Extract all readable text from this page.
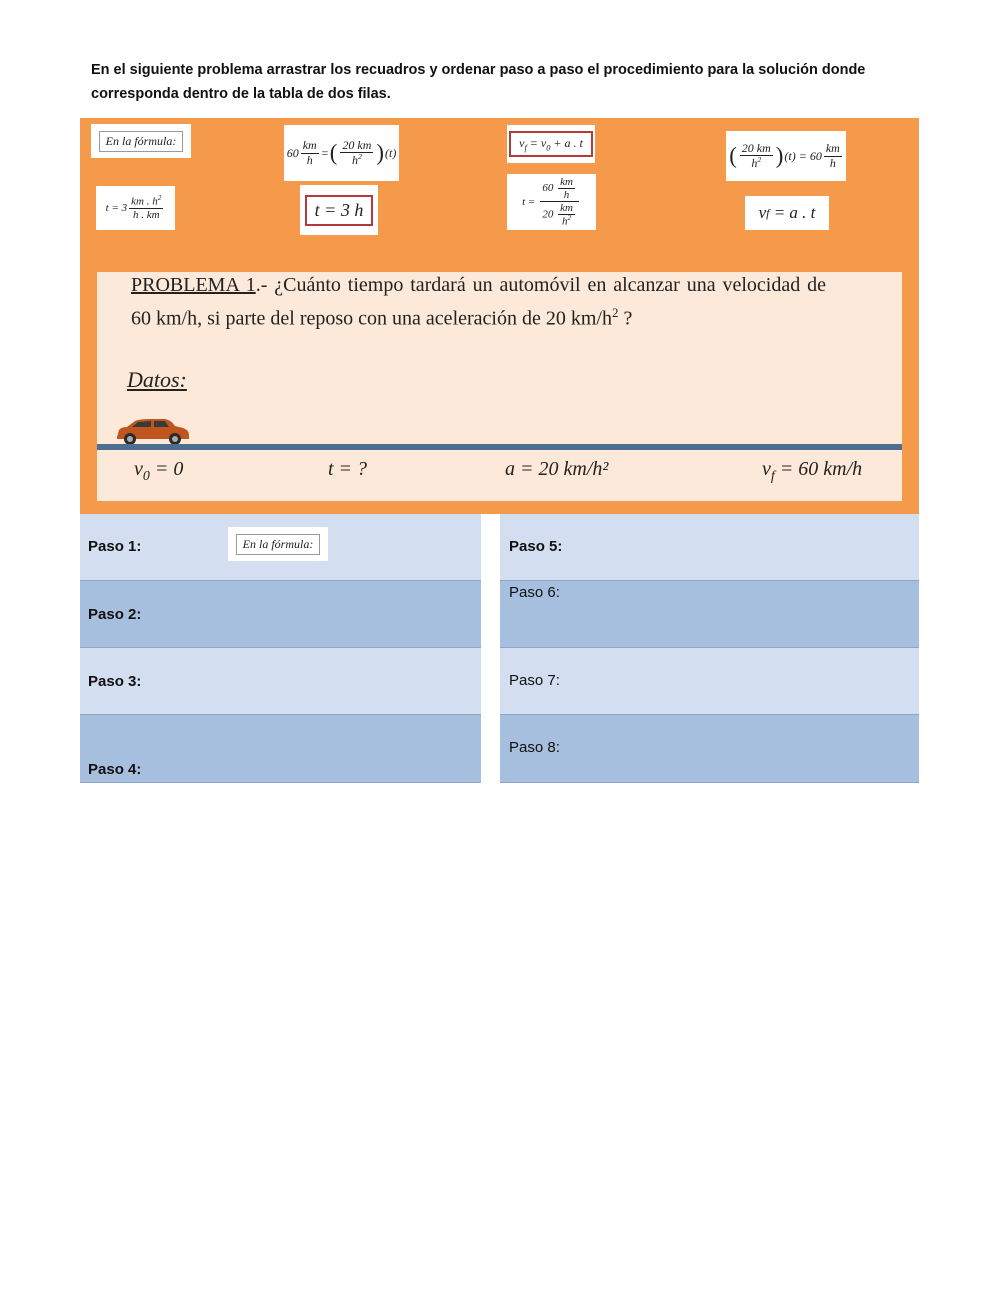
En el siguiente problema arrastrar los recuadros y ordenar paso a paso el procedimiento para la solución donde corresponda dentro de la tabla de dos filas.
En la fórmula:
$60 \frac{km}{h}$ = ( $\frac{20 km}{h^2}$ ) (t)
$v_f = v_0 + a$ . t	( $\frac{20 km}{h^2}$ ) $(t) = 60 \frac{km}{h}$
$t = 3 \frac{km . h^2}{h . km}$	t = 3 h	$t = \frac{60 \frac{km}{h}}{20 \frac{km}{h^2}}$	v f
= a . t
PROBLEMA 1.- ¿Cuánto tiempo tardará un automóvil en alcanzar una velocidad de 60 km/h, si parte del reposo con una aceleración de 20 $km/h^2$ ?
Datos:
$v_0 = 0$	t = ?	a = 20 km/h²	$v_f = 60$ km/h
Paso 1:	En la fórmula:
Paso 2:
Paso 3:
Paso 4:
Paso 5:
Paso 6:
Paso 7:
Paso 8:
